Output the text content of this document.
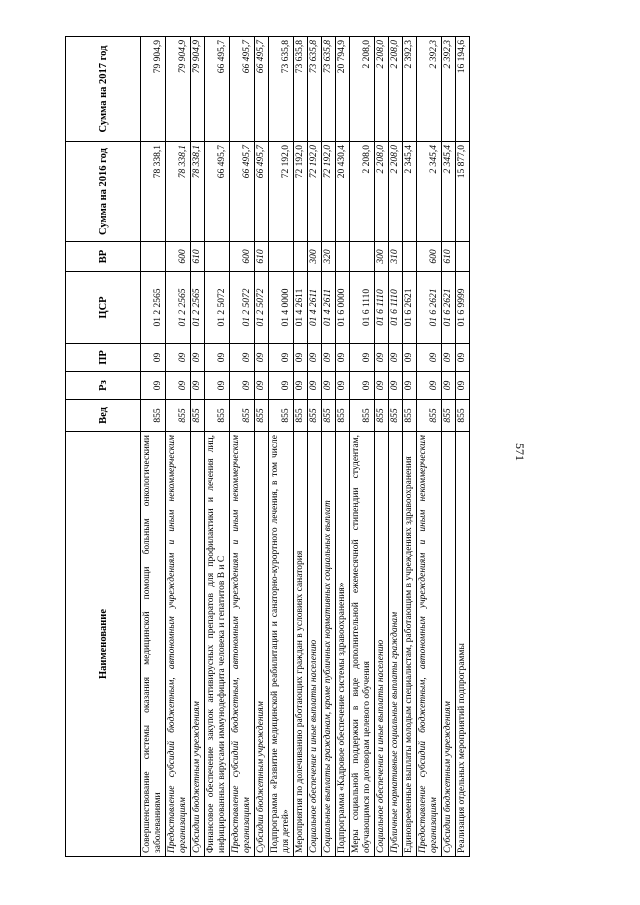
571
Наименование	Вед	Рз	ПР	ЦСР	ВР	Сумма на 2016 год	Сумма на 2017 год
Совершенствование системы оказания медицинской помощи больным онкологическими заболеваниями	855	09	09	01 2 2565		78 338,1	79 904,9
Предоставление субсидий бюджетным, автономным учреждениям и иным некоммерческим организациям	855	09	09	01 2 2565	600	78 338,1	79 904,9
Субсидии бюджетным учреждениям	855	09	09	01 2 2565	610	78 338,1	79 904,9
Финансовое обеспечение закупок антивирусных препаратов для профилактики и лечения лиц, инфицированных вирусами иммунодефицита человека и гепатитов B и C	855	09	09	01 2 5072		66 495,7	66 495,7
Предоставление субсидий бюджетным, автономным учреждениям и иным некоммерческим организациям	855	09	09	01 2 5072	600	66 495,7	66 495,7
Субсидии бюджетным учреждениям	855	09	09	01 2 5072	610	66 495,7	66 495,7
Подпрограмма «Развитие медицинской реабилитации и санаторно-курортного лечения, в том числе для детей»	855	09	09	01 4 0000		72 192,0	73 635,8
Мероприятия по долечиванию работающих граждан в условиях санатория	855	09	09	01 4 2611		72 192,0	73 635,8
Социальное обеспечение и иные выплаты населению	855	09	09	01 4 2611	300	72 192,0	73 635,8
Социальные выплаты гражданам, кроме публичных нормативных социальных выплат	855	09	09	01 4 2611	320	72 192,0	73 635,8
Подпрограмма «Кадровое обеспечение системы здравоохранения»	855	09	09	01 6 0000		20 430,4	20 794,9
Меры социальной поддержки в виде дополнительной ежемесячной стипендии студентам, обучающимся по договорам целевого обучения	855	09	09	01 6 1110		2 208,0	2 208,0
Социальное обеспечение и иные выплаты населению	855	09	09	01 6 1110	300	2 208,0	2 208,0
Публичные нормативные социальные выплаты гражданам	855	09	09	01 6 1110	310	2 208,0	2 208,0
Единовременные выплаты молодым специалистам, работающим в учреждениях здравоохранения	855	09	09	01 6 2621		2 345,4	2 392,3
Предоставление субсидий бюджетным, автономным учреждениям и иным некоммерческим организациям	855	09	09	01 6 2621	600	2 345,4	2 392,3
Субсидии бюджетным учреждениям	855	09	09	01 6 2621	610	2 345,4	2 392,3
Реализация отдельных мероприятий подпрограммы	855	09	09	01 6 9999		15 877,0	16 194,6
